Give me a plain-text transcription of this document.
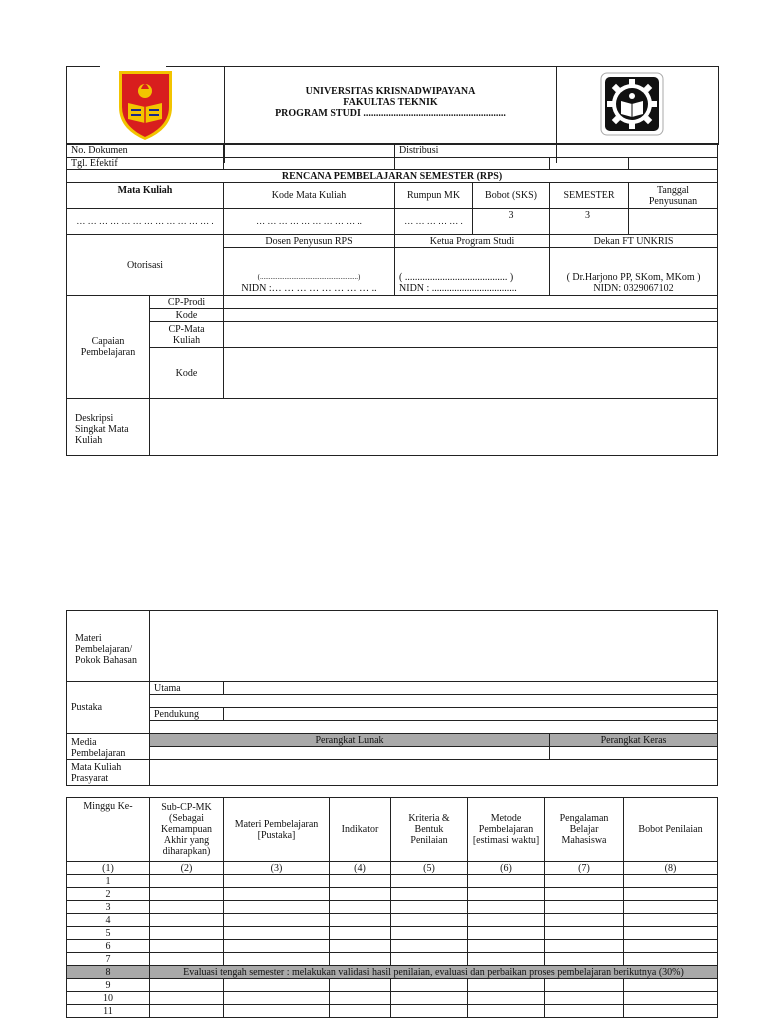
UNIVERSITAS KRISNADWIPAYANA
FAKULTAS TEKNIK
PROGRAM STUDI .........................................................
No. Dokumen			Distribusi			
Tgl. Efektif						
RENCANA PEMBELAJARAN SEMESTER (RPS)						
Mata Kuliah		Kode Mata Kuliah	Rumpun MK	Bobot (SKS)	SEMESTER	Tanggal Penyusunan
… … … … … … … … … … … … .		… … … … … … … … … ..	… … … … … .	3	3	
Otorisasi		Dosen Penyusun RPS	Ketua Program Studi		Dekan FT UNKRIS	
		(........................................................)	( ......................................... )		( Dr.Harjono PP, SKom, MKom )	
		NIDN :… … … … … … … … ..	NIDN : ..................................		NIDN: 0329067102	
Capaian Pembelajaran	CP-Prodi					
	Kode					
	CP-Mata Kuliah					
	Kode					
Deskripsi Singkat Mata Kuliah						
Materi Pembelajaran/ Pokok Bahasan			
Pustaka	Utama		

	Pendukung		

Media Pembelajaran	Perangkat Lunak		Perangkat Keras

Mata Kuliah Prasyarat			
Minggu Ke-	Sub-CP-MK (Sebagai Kemampuan Akhir yang diharapkan)	Materi Pembelajaran [Pustaka]	Indikator	Kriteria & Bentuk Penilaian	Metode Pembelajaran [estimasi waktu]	Pengalaman Belajar Mahasiswa	Bobot Penilaian
(1)	(2)	(3)	(4)	(5)	(6)	(7)	(8)
1							
2							
3							
4							
5							
6							
7							
8	Evaluasi tengah semester : melakukan validasi hasil penilaian, evaluasi dan perbaikan proses pembelajaran berikutnya (30%)						
9							
10							
11							
